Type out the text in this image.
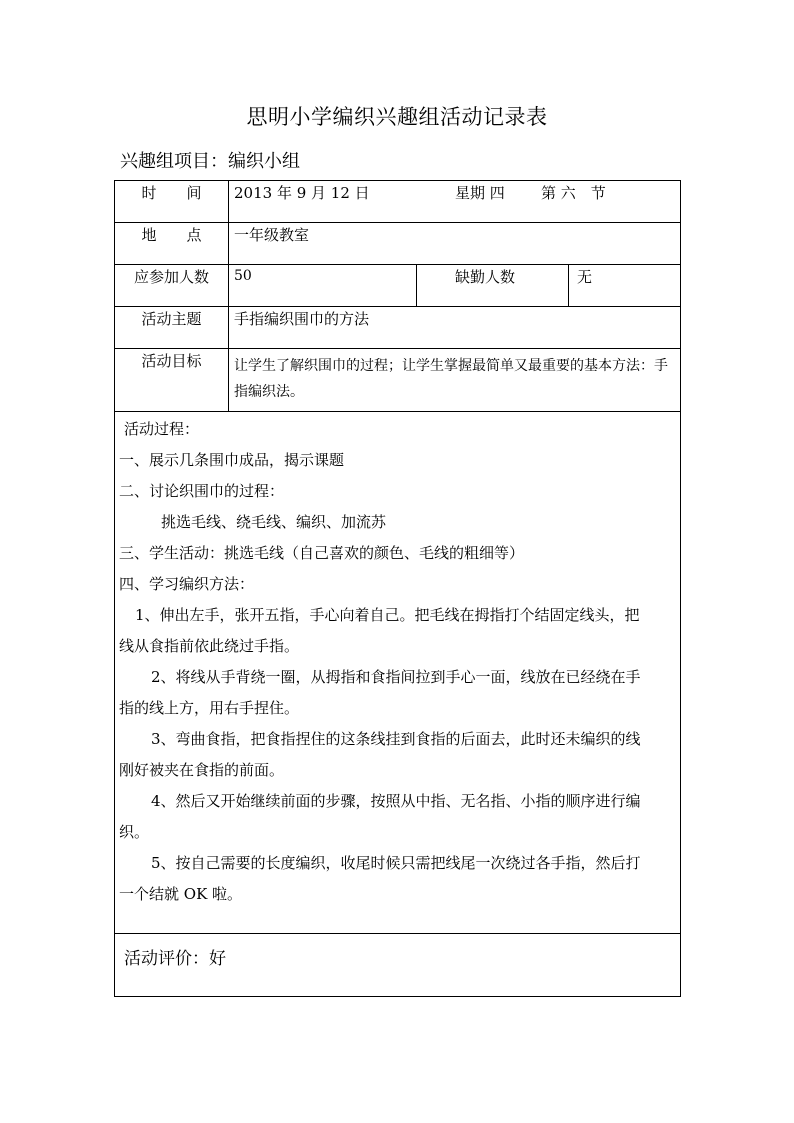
思明小学编织兴趣组活动记录表
兴趣组项目：编织小组
时　　间	2013 年 9 月 12 日	星期 四 第 六　节
地　　点	一年级教室
应参加人数	50	缺勤人数	无
活动主题	手指编织围巾的方法
活动目标	让学生了解织围巾的过程；让学生掌握最简单又最重要的基本方法：手
指编织法。
活动过程：
一、展示几条围巾成品，揭示课题
二、讨论织围巾的过程：
挑选毛线、绕毛线、编织、加流苏
三、学生活动：挑选毛线（自己喜欢的颜色、毛线的粗细等）
四、学习编织方法：
1、伸出左手，张开五指，手心向着自己。把毛线在拇指打个结固定线头，把
线从食指前依此绕过手指。
2、将线从手背绕一圈，从拇指和食指间拉到手心一面，线放在已经绕在手
指的线上方，用右手捏住。
3、弯曲食指，把食指捏住的这条线挂到食指的后面去，此时还未编织的线
刚好被夹在食指的前面。
4、然后又开始继续前面的步骤，按照从中指、无名指、小指的顺序进行编
织。
5、按自己需要的长度编织，收尾时候只需把线尾一次绕过各手指，然后打
一个结就 OK 啦。
活动评价：好
